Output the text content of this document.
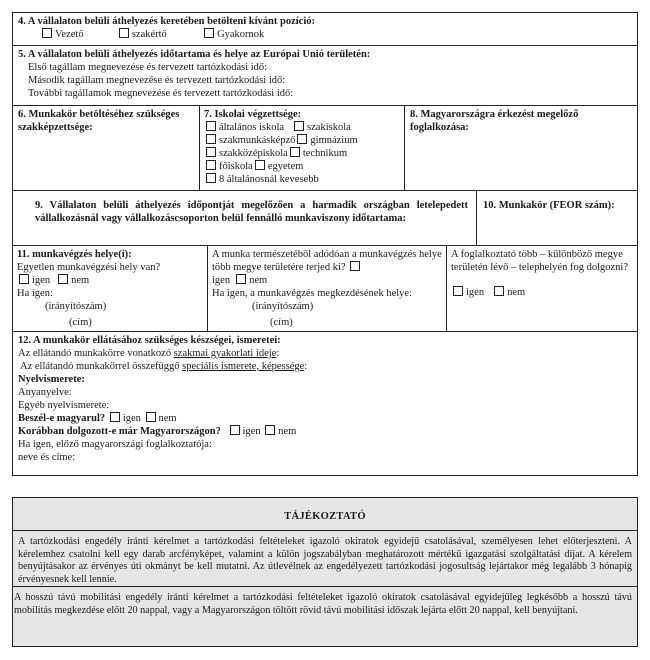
4. A vállalaton belüli áthelyezés keretében betölteni kívánt pozíció:
Vezető	szakértő	Gyakornok
5. A vállalaton belüli áthelyezés időtartama és helye az Európai Unió területén:
Első tagállam megnevezése és tervezett tartózkodási idő:
Második tagállam megnevezése és tervezett tartózkodási idő:
További tagállamok megnevezése és tervezett tartózkodási idő:
6. Munkakör betöltéséhez szükséges szakképzettsége:
7. Iskolai végzettsége:
általános iskola szakiskola
szakmunkásképző gimnázium
szakközépiskola technikum
főiskola egyetem
8 általánosnál kevesebb
8. Magyarországra érkezést megelőző foglalkozása:
9. Vállalaton belüli áthelyezés időpontját megelőzően a harmadik országban letelepedett vállalkozásnál vagy vállalkozáscsoporton belül fennálló munkaviszony időtartama:
10. Munkakör (FEOR szám):
11. munkavégzés helye(i):
Egyetlen munkavégzési hely van?
igen nem
Ha igen:
(irányítószám)
(cím)
A munka természetéből adódóan a munkavégzés helye több megye területére terjed ki?
igen nem
Ha igen, a munkavégzés megkezdésének helye:
(irányítószám)
(cím)
A foglalkoztató több – különböző megye területén lévő – telephelyén fog dolgozni?
igen nem
12. A munkakör ellátásához szükséges készségei, ismeretei:
Az ellátandó munkakörre vonatkozó szakmai gyakorlati ideje:
Az ellátandó munkakörrel összefüggő speciális ismerete, képessége:
Nyelvismerete:
Anyanyelve:
Egyéb nyelvismerete:
Beszél-e magyarul? igen nem
Korábban dolgozott-e már Magyarországon? igen nem
Ha igen, előző magyarországi foglalkoztatója:
neve és címe:
TÁJÉKOZTATÓ

A tartózkodási engedély iránti kérelmet a tartózkodási feltételeket igazoló okiratok egyidejű csatolásával, személyesen lehet előterjeszteni. A kérelemhez csatolni kell egy darab arcfényképet, valamint a külön jogszabályban meghatározott mértékű igazgatási szolgáltatási díjat. A kérelem benyújtásakor az érvényes úti okmányt be kell mutatni. Az útlevélnek az engedélyezett tartózkodási jogosultság lejártakor még legalább 3 hónapig érvényesnek kell lennie.

A hosszú távú mobilitási engedély iránti kérelmet a tartózkodási feltételeket igazoló okiratok csatolásával egyidejűleg legkésőbb a hosszú távú mobilitás megkezdése előtt 20 nappal, vagy a Magyarországon töltött rövid távú mobilitási időszak lejárta előtt 20 nappal, kell benyújtani.
